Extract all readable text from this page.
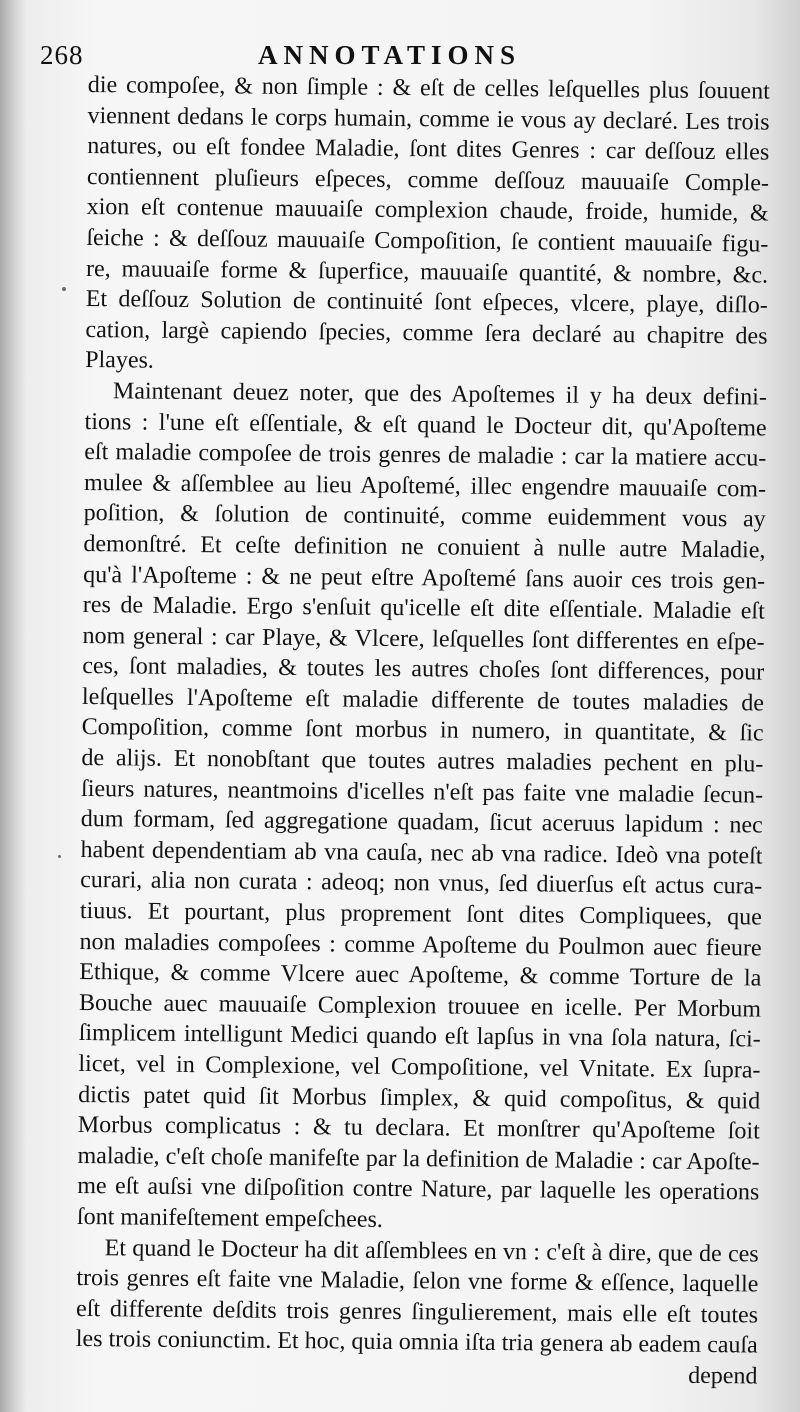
268	ANNOTATIONS
die compoſee, & non ſimple : & eſt de celles leſquelles plus ſouuent
viennent dedans le corps humain, comme ie vous ay declaré. Les trois
natures, ou eſt fondee Maladie, ſont dites Genres : car deſſouz elles
contiennent pluſieurs eſpeces, comme deſſouz mauuaiſe Comple-
xion eſt contenue mauuaiſe complexion chaude, froide, humide, &
ſeiche : & deſſouz mauuaiſe Compoſition, ſe contient mauuaiſe figu-
re, mauuaiſe forme & ſuperfice, mauuaiſe quantité, & nombre, &c.
Et deſſouz Solution de continuité ſont eſpeces, vlcere, playe, diſlo-
cation, largè capiendo ſpecies, comme ſera declaré au chapitre des
Playes.
Maintenant deuez noter, que des Apoſtemes il y ha deux defini-
tions : l'une eſt eſſentiale, & eſt quand le Docteur dit, qu'Apoſteme
eſt maladie compoſee de trois genres de maladie : car la matiere accu-
mulee & aſſemblee au lieu Apoſtemé, illec engendre mauuaiſe com-
poſition, & ſolution de continuité, comme euidemment vous ay
demonſtré. Et ceſte definition ne conuient à nulle autre Maladie,
qu'à l'Apoſteme : & ne peut eſtre Apoſtemé ſans auoir ces trois gen-
res de Maladie. Ergo s'enſuit qu'icelle eſt dite eſſentiale. Maladie eſt
nom general : car Playe, & Vlcere, leſquelles ſont differentes en eſpe-
ces, ſont maladies, & toutes les autres choſes ſont differences, pour
leſquelles l'Apoſteme eſt maladie differente de toutes maladies de
Compoſition, comme ſont morbus in numero, in quantitate, & ſic
de alijs. Et nonobſtant que toutes autres maladies pechent en plu-
ſieurs natures, neantmoins d'icelles n'eſt pas faite vne maladie ſecun-
dum formam, ſed aggregatione quadam, ſicut aceruus lapidum : nec
habent dependentiam ab vna cauſa, nec ab vna radice. Ideò vna poteſt
curari, alia non curata : adeoq; non vnus, ſed diuerſus eſt actus cura-
tiuus. Et pourtant, plus proprement ſont dites Compliquees, que
non maladies compoſees : comme Apoſteme du Poulmon auec fieure
Ethique, & comme Vlcere auec Apoſteme, & comme Torture de la
Bouche auec mauuaiſe Complexion trouuee en icelle. Per Morbum
ſimplicem intelligunt Medici quando eſt lapſus in vna ſola natura, ſci-
licet, vel in Complexione, vel Compoſitione, vel Vnitate. Ex ſupra-
dictis patet quid ſit Morbus ſimplex, & quid compoſitus, & quid
Morbus complicatus : & tu declara. Et monſtrer qu'Apoſteme ſoit
maladie, c'eſt choſe manifeſte par la definition de Maladie : car Apoſte-
me eſt auſsi vne diſpoſition contre Nature, par laquelle les operations
ſont manifeſtement empeſchees.
Et quand le Docteur ha dit aſſemblees en vn : c'eſt à dire, que de ces
trois genres eſt faite vne Maladie, ſelon vne forme & eſſence, laquelle
eſt differente deſdits trois genres ſingulierement, mais elle eſt toutes
les trois coniunctim. Et hoc, quia omnia iſta tria genera ab eadem cauſa
depend
